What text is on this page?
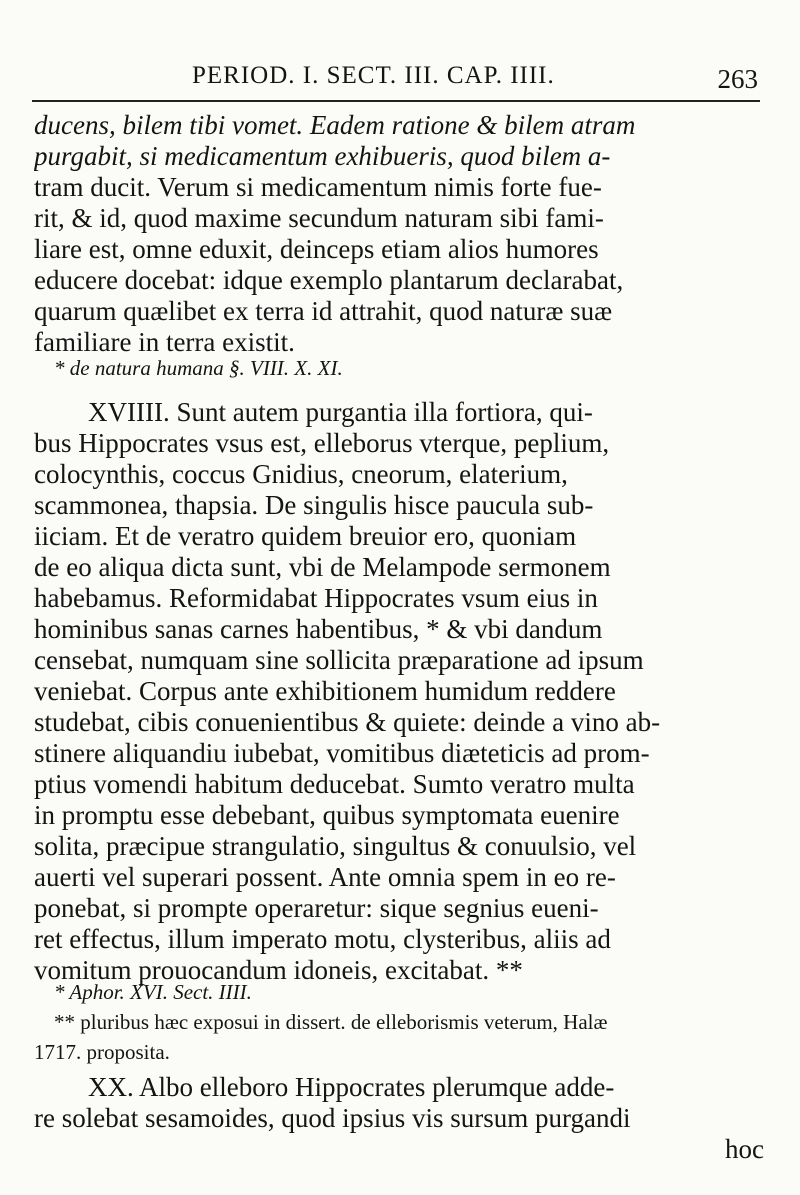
PERIOD. I. SECT. III. CAP. IIII.	263
ducens, bilem tibi vomet. Eadem ratione & bilem atram
purgabit, si medicamentum exhibueris, quod bilem a-
tram ducit. Verum si medicamentum nimis forte fue-
rit, & id, quod maxime secundum naturam sibi fami-
liare est, omne eduxit, deinceps etiam alios humores
educere docebat: idque exemplo plantarum declarabat,
quarum quælibet ex terra id attrahit, quod naturæ suæ
familiare in terra existit.
* de natura humana §. VIII. X. XI.
XVIIII. Sunt autem purgantia illa fortiora, qui-
bus Hippocrates vsus est, elleborus vterque, peplium,
colocynthis, coccus Gnidius, cneorum, elaterium,
scammonea, thapsia. De singulis hisce paucula sub-
iiciam. Et de veratro quidem breuior ero, quoniam
de eo aliqua dicta sunt, vbi de Melampode sermonem
habebamus. Reformidabat Hippocrates vsum eius in
hominibus sanas carnes habentibus, * & vbi dandum
censebat, numquam sine sollicita præparatione ad ipsum
veniebat. Corpus ante exhibitionem humidum reddere
studebat, cibis conuenientibus & quiete: deinde a vino ab-
stinere aliquandiu iubebat, vomitibus diæteticis ad prom-
ptius vomendi habitum deducebat. Sumto veratro multa
in promptu esse debebant, quibus symptomata euenire
solita, præcipue strangulatio, singultus & conuulsio, vel
auerti vel superari possent. Ante omnia spem in eo re-
ponebat, si prompte operaretur: sique segnius eueni-
ret effectus, illum imperato motu, clysteribus, aliis ad
vomitum prouocandum idoneis, excitabat. **
* Aphor. XVI. Sect. IIII.
** pluribus hæc exposui in dissert. de elleborismis veterum, Halæ
1717. proposita.
XX. Albo elleboro Hippocrates plerumque adde-
re solebat sesamoides, quod ipsius vis sursum purgandi
hoc
